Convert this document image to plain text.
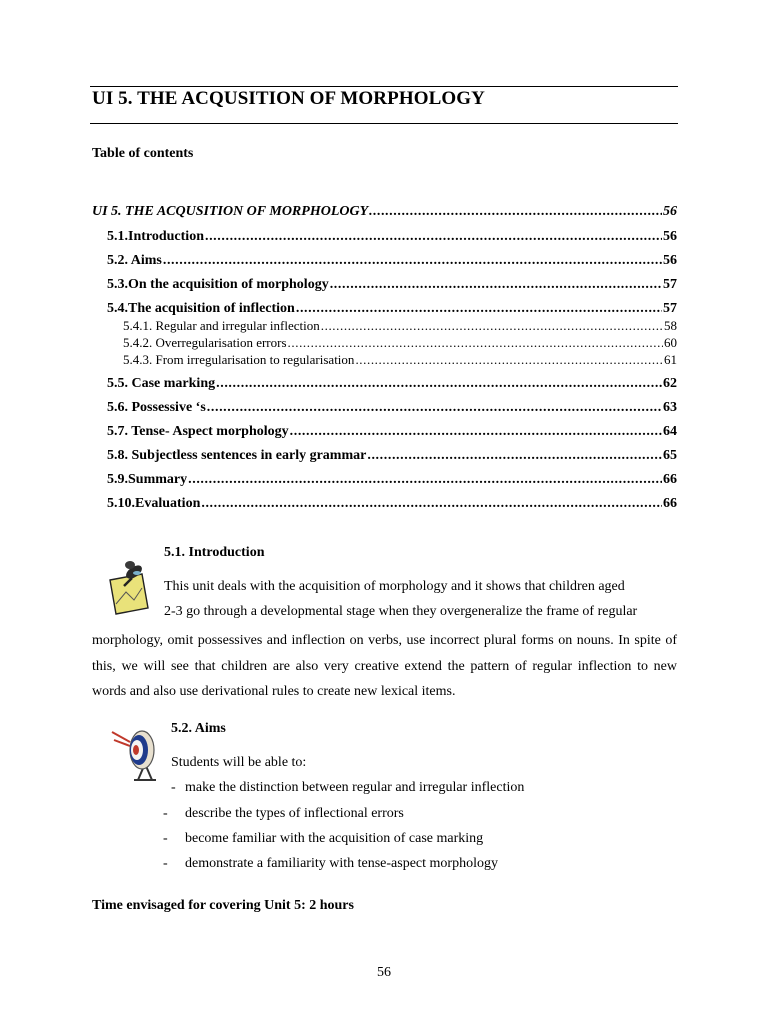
UI 5. THE ACQUSITION OF MORPHOLOGY
Table of contents
UI 5. THE ACQUSITION OF MORPHOLOGY .....	56
5.1.Introduction .....	56
5.2. Aims .....	56
5.3.On the acquisition of morphology .....	57
5.4.The acquisition of inflection .....	57
5.4.1. Regular and irregular inflection .....	58
5.4.2. Overregularisation errors .....	60
5.4.3. From irregularisation to regularisation .....	61
5.5. Case marking .....	62
5.6. Possessive ‘s .....	63
5.7. Tense- Aspect morphology .....	64
5.8. Subjectless sentences in early grammar .....	65
5.9.Summary .....	66
5.10.Evaluation .....	66
5.1. Introduction
This unit deals with the acquisition of morphology and it shows that children aged
2-3 go through a developmental stage when they overgeneralize the frame of regular

morphology, omit possessives and inflection on verbs, use incorrect plural forms on nouns. In spite of this, we will see that children are also very creative extend the pattern of regular inflection to new words and also use derivational rules to create new lexical items.

5.2. Aims
Students will be able to:
- make the distinction between regular and irregular inflection
- describe the types of inflectional errors
- become familiar with the acquisition of case marking
- demonstrate a familiarity with tense-aspect morphology
Time envisaged for covering Unit 5: 2 hours
56
